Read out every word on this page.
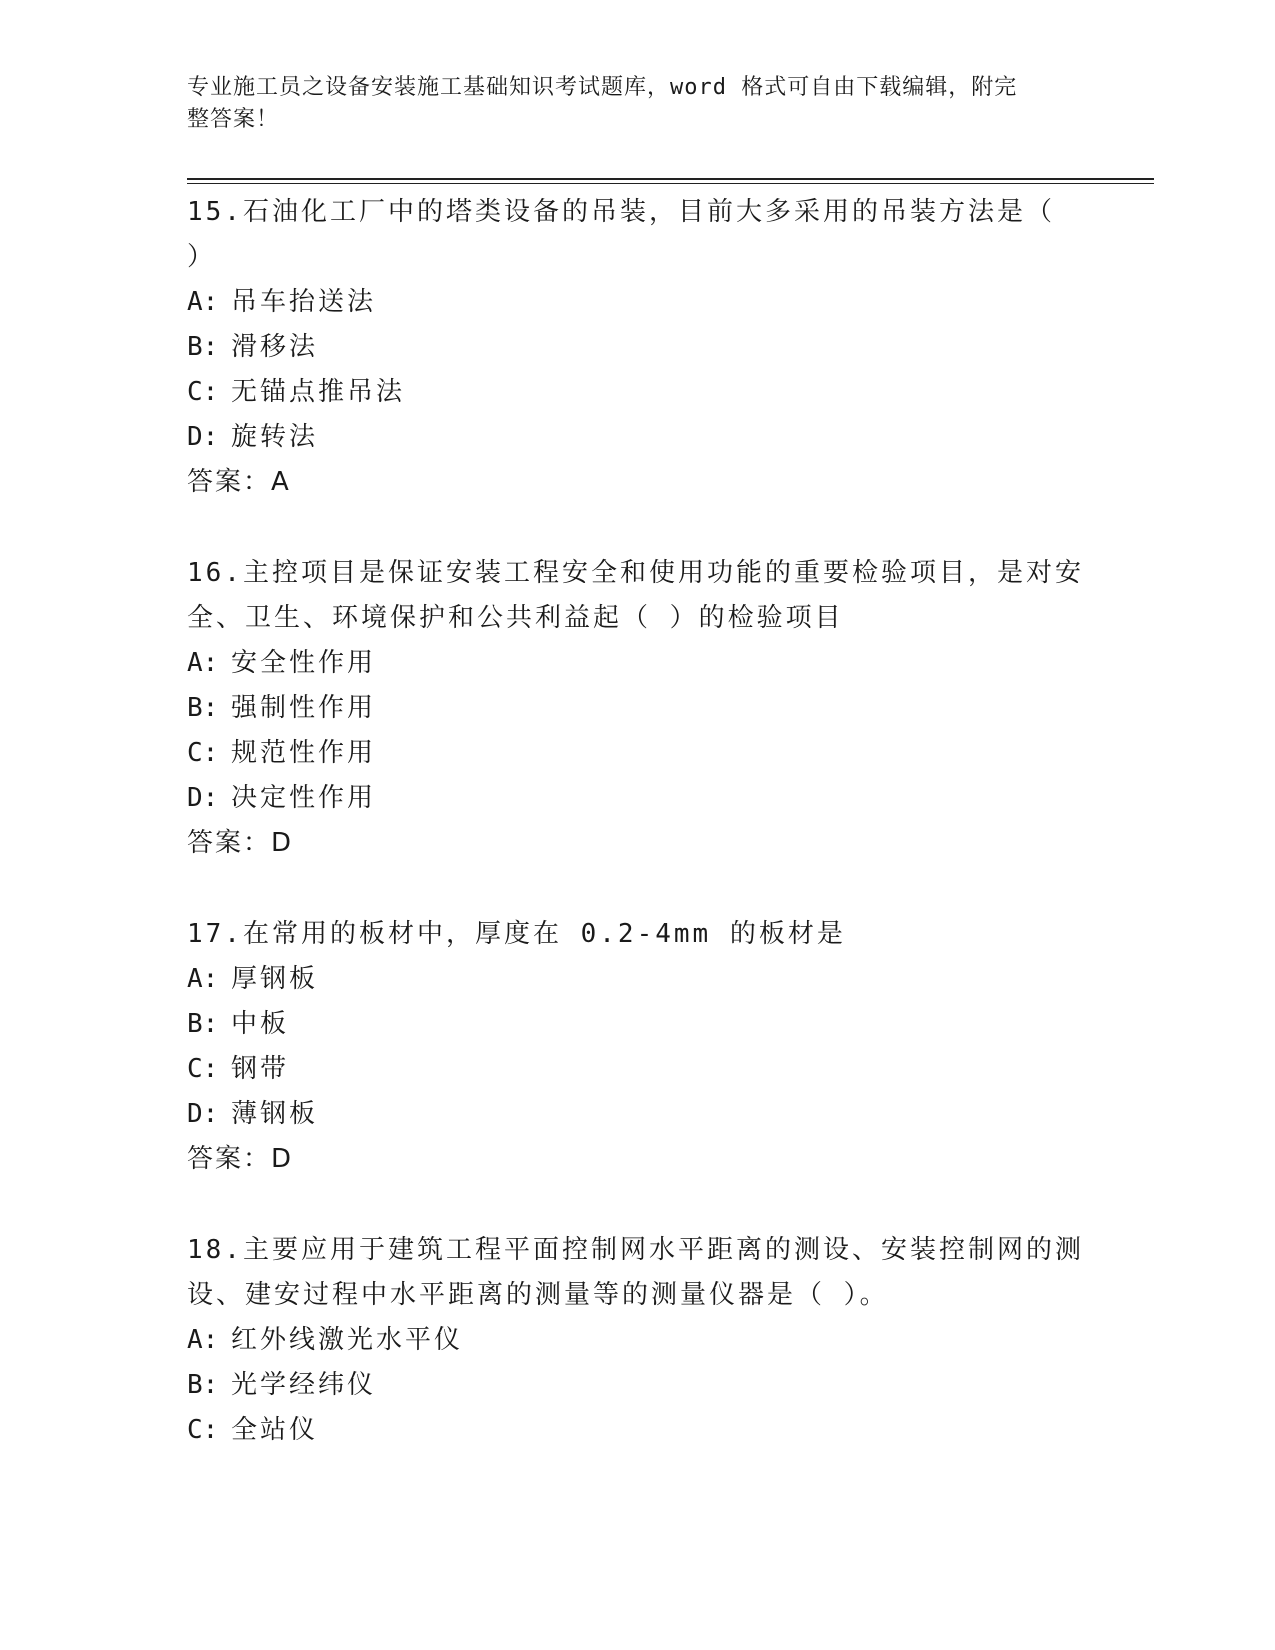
专业施工员之设备安装施工基础知识考试题库，word 格式可自由下载编辑，附完
整答案！

15.石油化工厂中的塔类设备的吊装，目前大多采用的吊装方法是（

）

A: 吊车抬送法

B: 滑移法

C: 无锚点推吊法

D: 旋转法

答案：A

16.主控项目是保证安装工程安全和使用功能的重要检验项目，是对安

全、卫生、环境保护和公共利益起（ ）的检验项目

A: 安全性作用

B: 强制性作用

C: 规范性作用

D: 决定性作用

答案：D

17.在常用的板材中，厚度在 0.2-4mm 的板材是

A: 厚钢板

B: 中板

C: 钢带

D: 薄钢板

答案：D

18.主要应用于建筑工程平面控制网水平距离的测设、安装控制网的测

设、建安过程中水平距离的测量等的测量仪器是（ ）。

A: 红外线激光水平仪

B: 光学经纬仪

C: 全站仪
